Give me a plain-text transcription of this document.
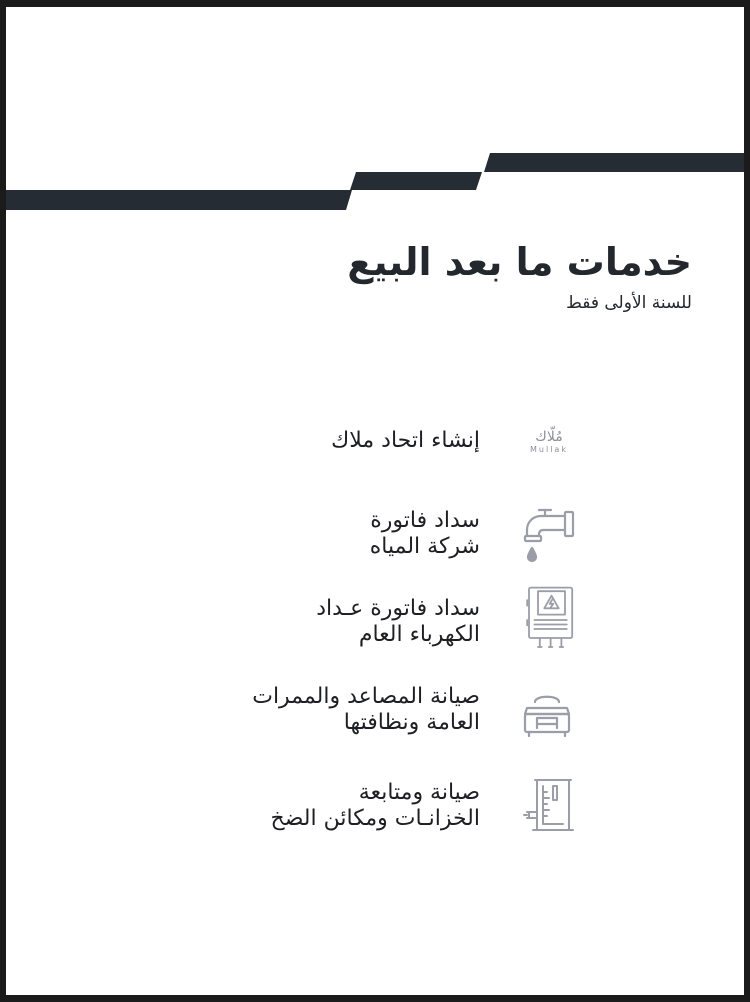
خدمات ما بعد البيع
للسنة الأولى فقط
مُلّاك
Mullak
إنشاء اتحاد ملاك
سداد فاتورة
شركة المياه
سداد فاتورة عـداد
الكهرباء العام
صيانة المصاعد والممرات
العامة ونظافتها
صيانة ومتابعة
الخزانـات ومكائن الضخ
